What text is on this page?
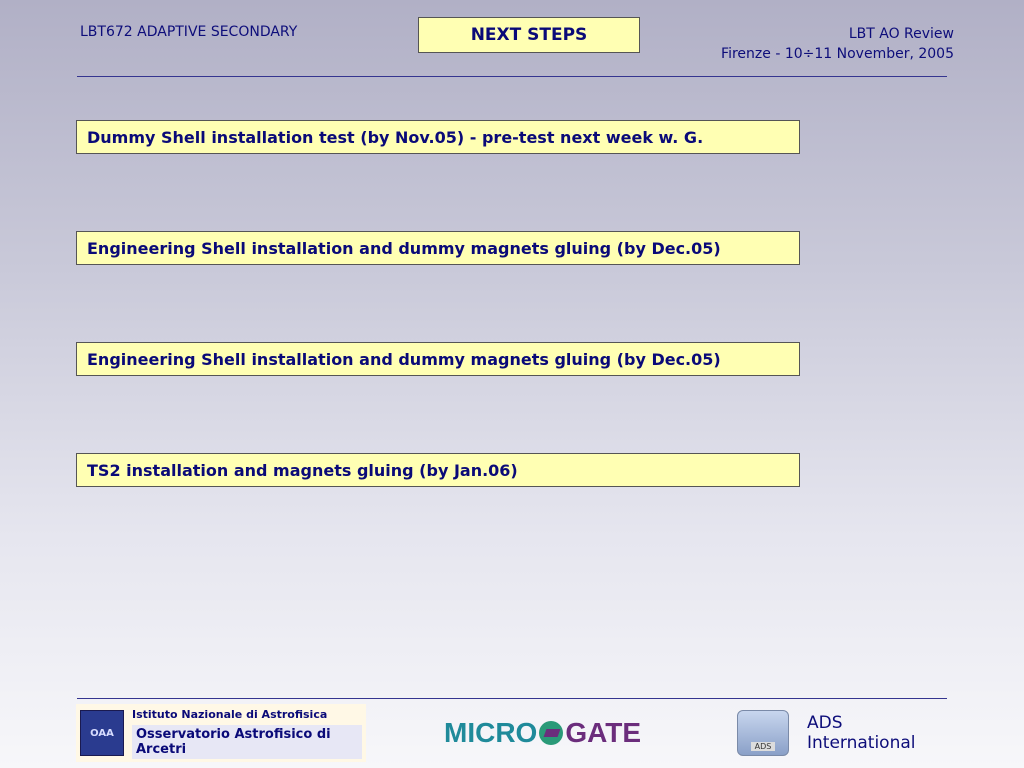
LBT672 ADAPTIVE SECONDARY	NEXT STEPS	LBT AO Review
Firenze - 10÷11 November, 2005
Dummy Shell installation test (by Nov.05) - pre-test next week w. G.
Engineering Shell installation and dummy magnets gluing (by Dec.05)
Engineering Shell installation and dummy magnets gluing (by Dec.05)
TS2 installation and magnets gluing (by Jan.06)
OAA
Istituto Nazionale di Astrofisica
Osservatorio Astrofisico di Arcetri
MICRO GATE	ADS
ADS International
